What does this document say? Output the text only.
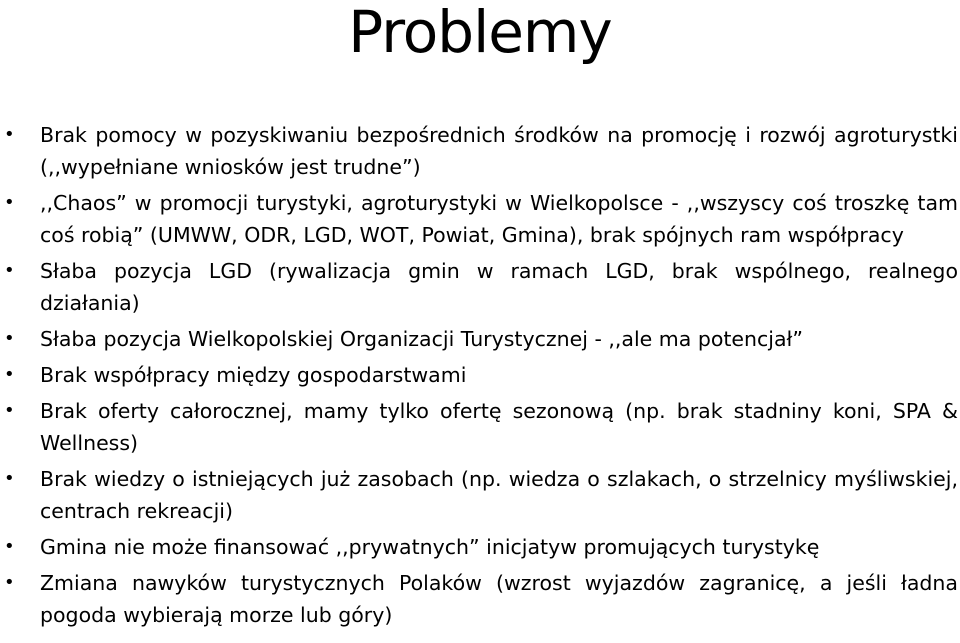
Problemy
• Brak pomocy w pozyskiwaniu bezpośrednich środków na promocję i rozwój agroturystki (,,wypełniane wniosków jest trudne”)
• ,,Chaos” w promocji turystyki, agroturystyki w Wielkopolsce - ,,wszyscy coś troszkę tam coś robią” (UMWW, ODR, LGD, WOT, Powiat, Gmina), brak spójnych ram współpracy
• Słaba pozycja LGD (rywalizacja gmin w ramach LGD, brak wspólnego, realnego działania)
• Słaba pozycja Wielkopolskiej Organizacji Turystycznej - ,,ale ma potencjał”
• Brak współpracy między gospodarstwami
• Brak oferty całorocznej, mamy tylko ofertę sezonową (np. brak stadniny koni, SPA & Wellness)
• Brak wiedzy o istniejących już zasobach (np. wiedza o szlakach, o strzelnicy myśliwskiej, centrach rekreacji)
• Gmina nie może finansować ,,prywatnych” inicjatyw promujących turystykę
• Zmiana nawyków turystycznych Polaków (wzrost wyjazdów zagranicę, a jeśli ładna pogoda wybierają morze lub góry)
